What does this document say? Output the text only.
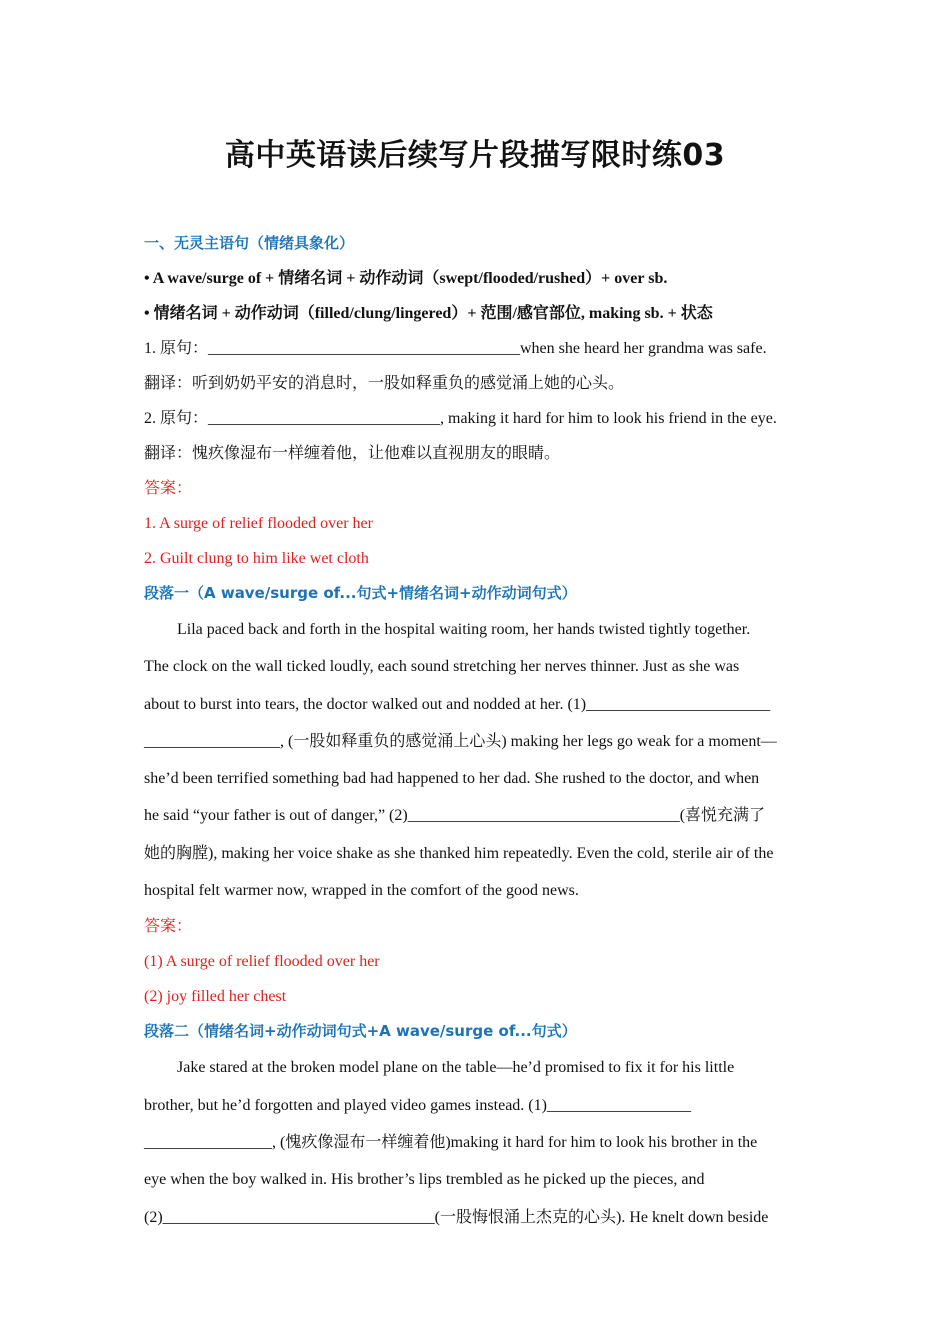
高中英语读后续写片段描写限时练03
一、无灵主语句（情绪具象化）
• A wave/surge of + 情绪名词 + 动作动词（swept/flooded/rushed）+ over sb.
• 情绪名词 + 动作动词（filled/clung/lingered）+ 范围/感官部位, making sb. + 状态
1. 原句：_______________________________________when she heard her grandma was safe.
翻译：听到奶奶平安的消息时，一股如释重负的感觉涌上她的心头。
2. 原句：_____________________________, making it hard for him to look his friend in the eye.
翻译：愧疚像湿布一样缠着他，让他难以直视朋友的眼睛。
答案：
1. A surge of relief flooded over her
2. Guilt clung to him like wet cloth
段落一（A wave/surge of...句式+情绪名词+动作动词句式）

Lila paced back and forth in the hospital waiting room, her hands twisted tightly together.

The clock on the wall ticked loudly, each sound stretching her nerves thinner. Just as she was

about to burst into tears, the doctor walked out and nodded at her. (1)_______________________

_________________, (一股如释重负的感觉涌上心头) making her legs go weak for a moment—

she’d been terrified something bad had happened to her dad. She rushed to the doctor, and when

he said “your father is out of danger,” (2)__________________________________(喜悦充满了

她的胸膛), making her voice shake as she thanked him repeatedly. Even the cold, sterile air of the

hospital felt warmer now, wrapped in the comfort of the good news.

答案：
(1) A surge of relief flooded over her
(2) joy filled her chest
段落二（情绪名词+动作动词句式+A wave/surge of...句式）

Jake stared at the broken model plane on the table—he’d promised to fix it for his little

brother, but he’d forgotten and played video games instead. (1)__________________

________________, (愧疚像湿布一样缠着他)making it hard for him to look his brother in the

eye when the boy walked in. His brother’s lips trembled as he picked up the pieces, and

(2)__________________________________(一股悔恨涌上杰克的心头). He knelt down beside
